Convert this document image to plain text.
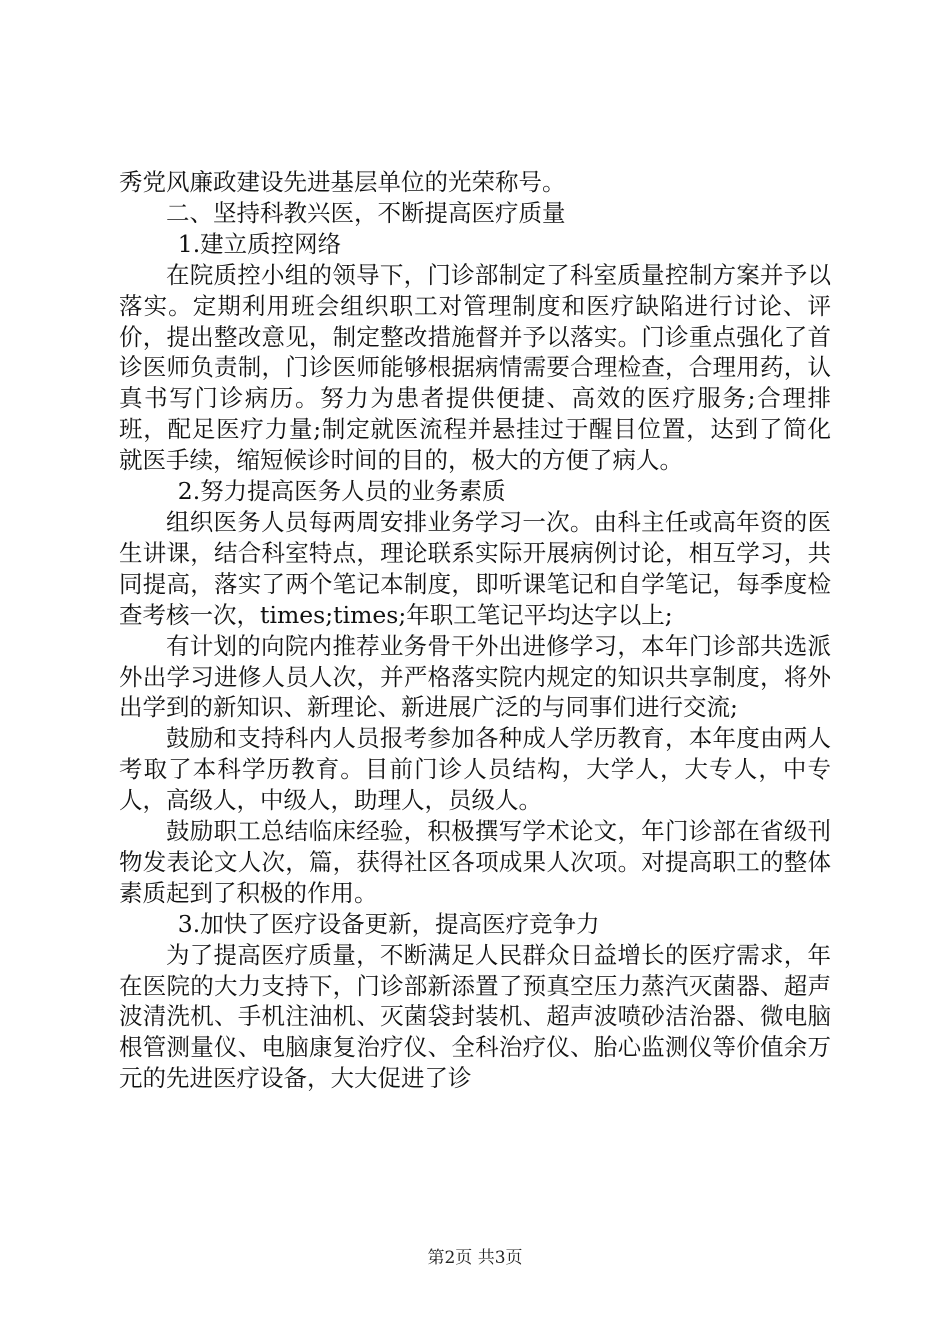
秀党风廉政建设先进基层单位的光荣称号。

二、坚持科教兴医，不断提高医疗质量

1.建立质控网络

在院质控小组的领导下，门诊部制定了科室质量控制方案并予以落实。定期利用班会组织职工对管理制度和医疗缺陷进行讨论、评价，提出整改意见，制定整改措施督并予以落实。门诊重点强化了首诊医师负责制，门诊医师能够根据病情需要合理检查，合理用药，认真书写门诊病历。努力为患者提供便捷、高效的医疗服务;合理排班，配足医疗力量;制定就医流程并悬挂过于醒目位置，达到了简化就医手续，缩短候诊时间的目的，极大的方便了病人。

2.努力提高医务人员的业务素质

组织医务人员每两周安排业务学习一次。由科主任或高年资的医生讲课，结合科室特点，理论联系实际开展病例讨论，相互学习，共同提高，落实了两个笔记本制度，即听课笔记和自学笔记，每季度检查考核一次，times;times;年职工笔记平均达字以上;

有计划的向院内推荐业务骨干外出进修学习，本年门诊部共选派外出学习进修人员人次，并严格落实院内规定的知识共享制度，将外出学到的新知识、新理论、新进展广泛的与同事们进行交流;

鼓励和支持科内人员报考参加各种成人学历教育，本年度由两人考取了本科学历教育。目前门诊人员结构，大学人，大专人，中专人，高级人，中级人，助理人，员级人。

鼓励职工总结临床经验，积极撰写学术论文，年门诊部在省级刊物发表论文人次，篇，获得社区各项成果人次项。对提高职工的整体素质起到了积极的作用。

3.加快了医疗设备更新，提高医疗竞争力

为了提高医疗质量，不断满足人民群众日益增长的医疗需求，年在医院的大力支持下，门诊部新添置了预真空压力蒸汽灭菌器、超声波清洗机、手机注油机、灭菌袋封装机、超声波喷砂洁治器、微电脑根管测量仪、电脑康复治疗仪、全科治疗仪、胎心监测仪等价值余万元的先进医疗设备，大大促进了诊

第2页 共3页
